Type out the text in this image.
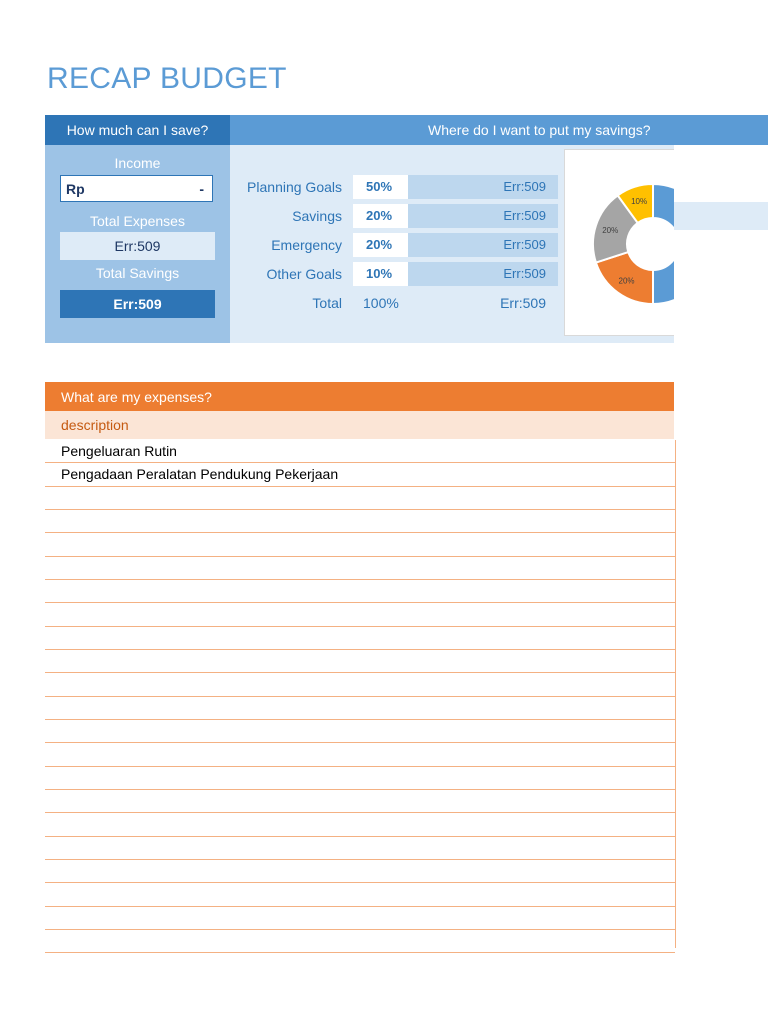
RECAP BUDGET
How much can I save?	Where do I want to put my savings?
Income
Rp	-
Total Expenses
Err:509
Total Savings
Err:509
Planning Goals	50%	Err:509
Savings	20%	Err:509
Emergency	20%	Err:509
Other Goals	10%	Err:509
Total	100%	Err:509
20%
20%
10%
What are my expenses?
description
Pengeluaran Rutin
Pengadaan Peralatan Pendukung Pekerjaan
